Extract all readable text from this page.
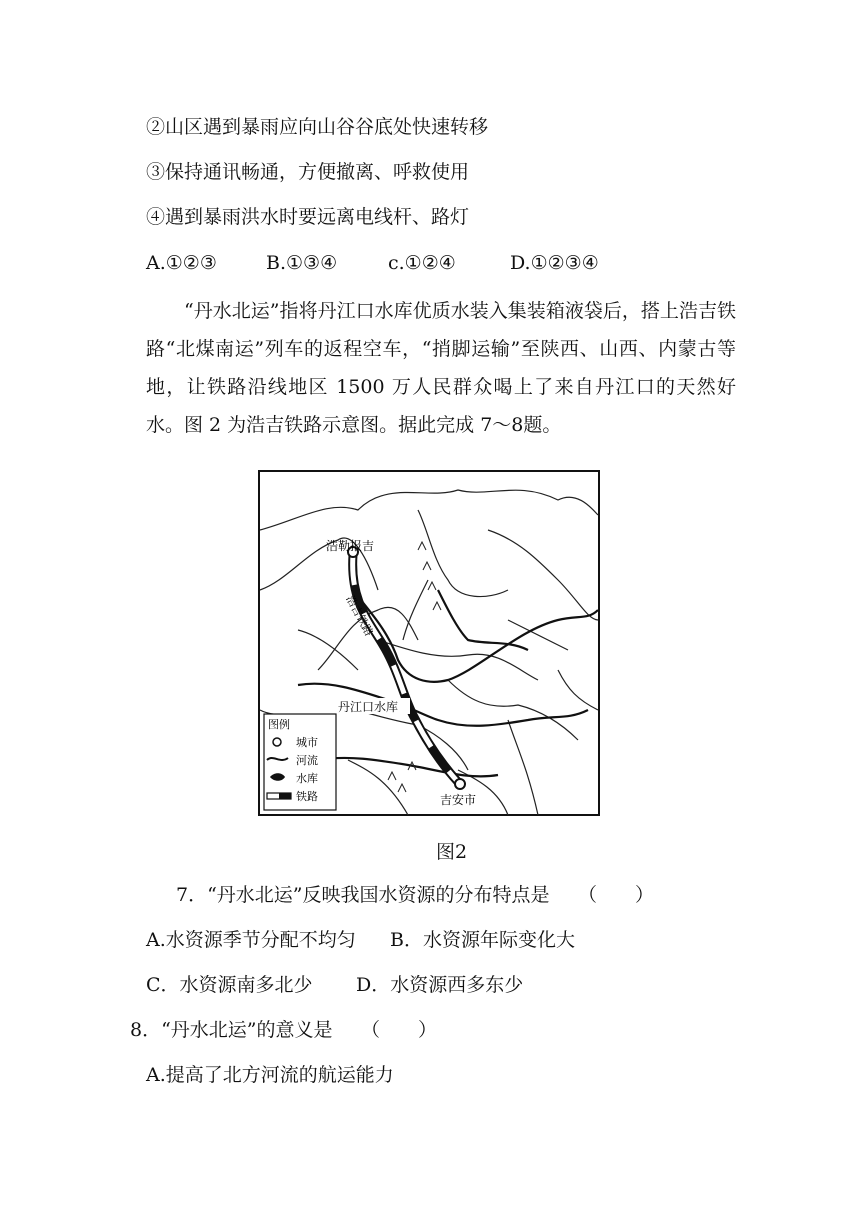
②山区遇到暴雨应向山谷谷底处快速转移
③保持通讯畅通，方便撤离、呼救使用
④遇到暴雨洪水时要远离电线杆、路灯
A.①②③	B.①③④	c.①②④	D.①②③④
“丹水北运”指将丹江口水库优质水装入集装箱液袋后，搭上浩吉铁路“北煤南运”列车的返程空车，“捎脚运输”至陕西、山西、内蒙古等地，让铁路沿线地区 1500 万人民群众喝上了来自丹江口的天然好水。图 2 为浩吉铁路示意图。据此完成 7～8题。
浩勒报吉
浩吉铁路
丹江口水库
吉安市
图例
城市
河流
水库
铁路
图2
7．“丹水北运”反映我国水资源的分布特点是　　（　　）
A.水资源季节分配不均匀 B．水资源年际变化大
C．水资源南多北少 D．水资源西多东少
8．“丹水北运”的意义是　　（　　）
A.提高了北方河流的航运能力
